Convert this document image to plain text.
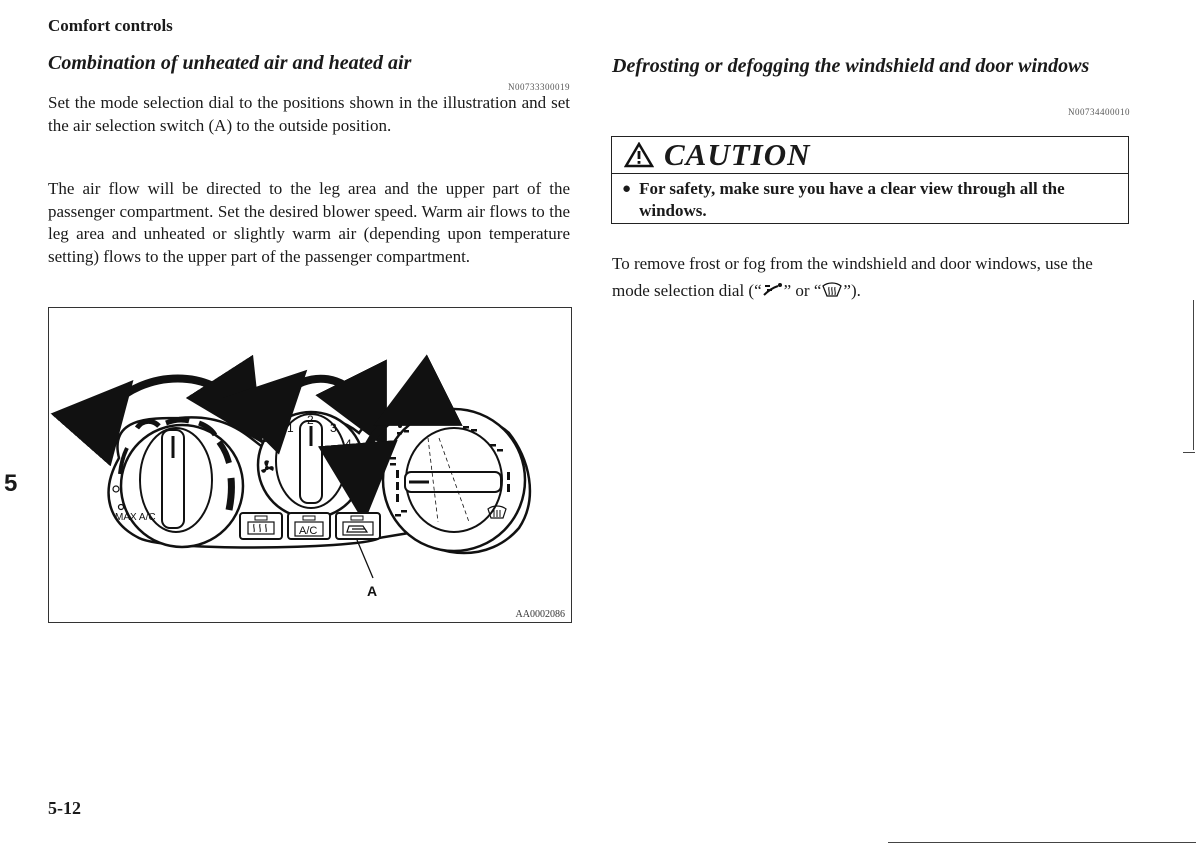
Comfort controls
Combination of unheated air and heated air
N00733300019
Set the mode selection dial to the positions shown in the illustration and set the air selection switch (A) to the outside position.
The air flow will be directed to the leg area and the upper part of the passenger compartment. Set the desired blower speed. Warm air flows to the leg area and unheated or slightly warm air (depending upon temperature setting) flows to the upper part of the passenger compartment.
MAX A/C
OFF
1
2
3
4
A/C
A
AA0002086
Defrosting or defogging the windshield and door windows
N00734400010
CAUTION
● For safety, make sure you have a clear view through all the windows.
To remove frost or fog from the windshield and door windows, use the mode selection dial (“ ” or “ ”).
5
5-12
